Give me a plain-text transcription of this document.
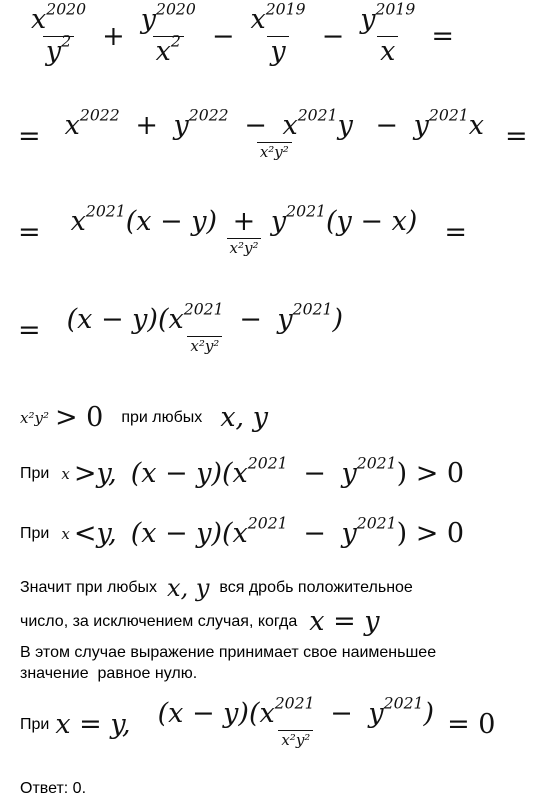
$\frac{x^{2020}}{y^2} + \frac{y^{2020}}{x^2} - \frac{x^{2019}}{y} - \frac{y^{2019}}{x}$ =
= $x^{2022} + y^{2022} - x^{2021}y - y^{2021}x$
x²y²
=
= $\frac{x^{2021}(x - y) + y^{2021}(y - x)}{\text{x²y²}}$ =
= $\frac{(x - y)(x^{2021} - y^{2021})}{\text{x²y²}}$
x²y² > 0 при любых x, y
При x > y, $(x - y)(x^{2021} - y^{2021}) > 0$
При x < y, $(x - y)(x^{2021} - y^{2021}) > 0$
Значит при любых x, y вся дробь положительное
число, за исключением случая, когда x = y
В этом случае выражение принимает свое наименьшее
значение  равное нулю.
При x = y, $\frac{(x - y)(x^{2021} - y^{2021})}{\text{x²y²}} = 0$
Ответ: 0.
